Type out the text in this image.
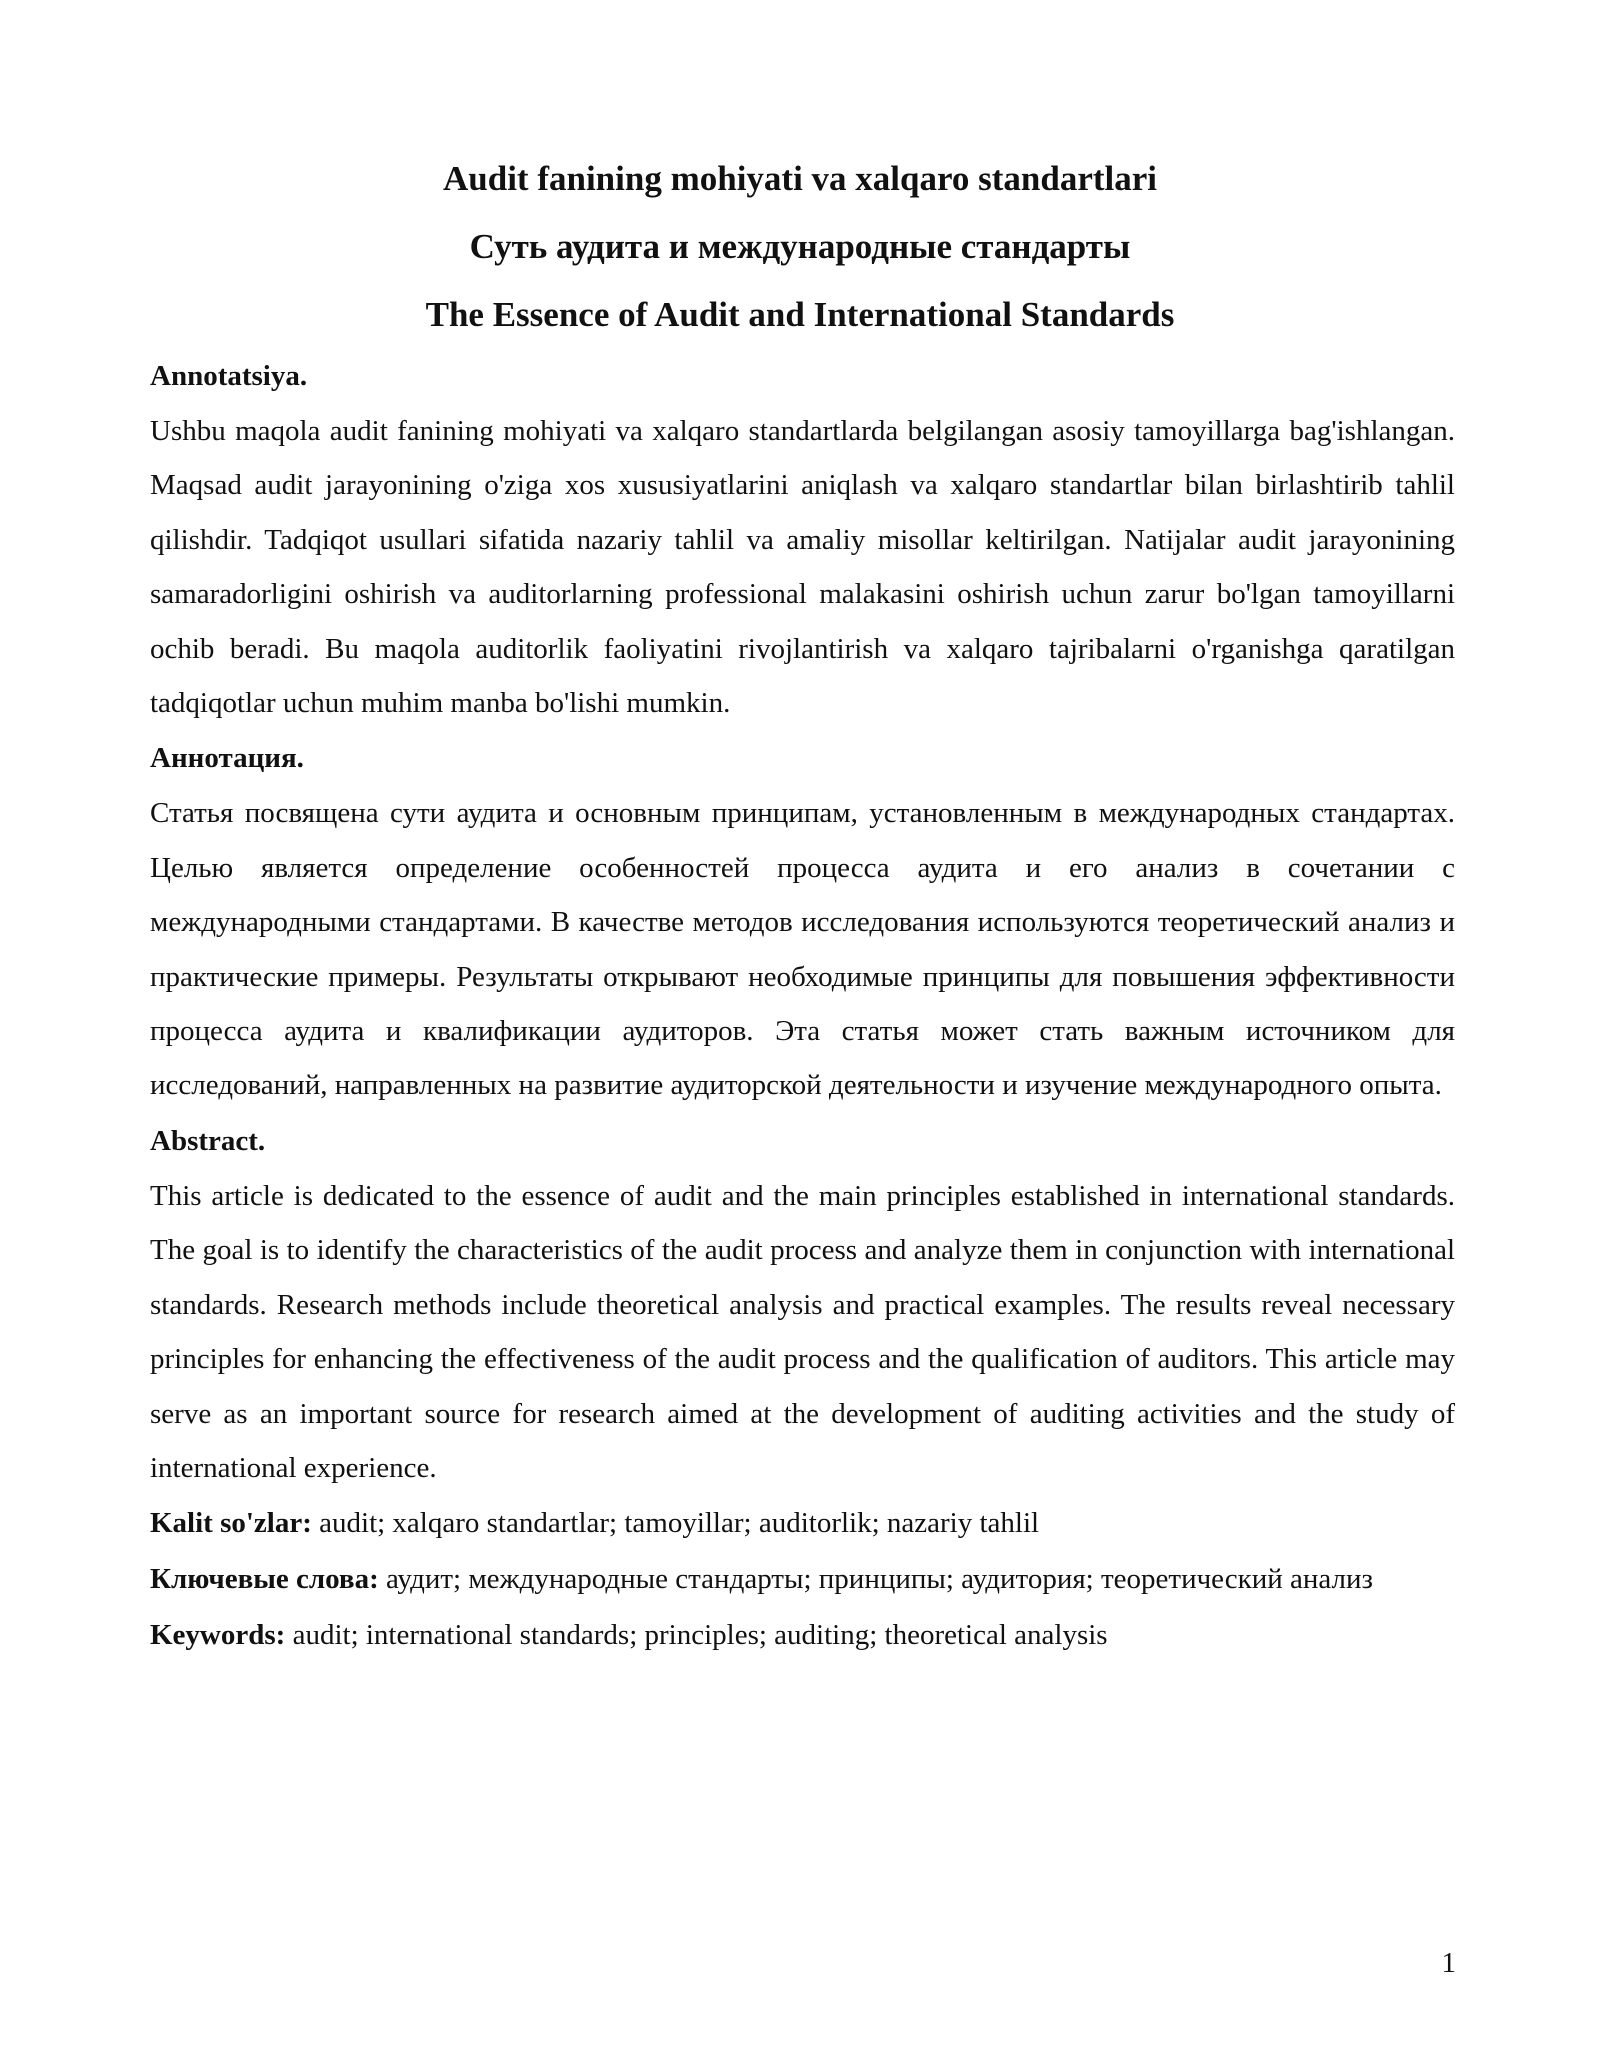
Audit fanining mohiyati va xalqaro standartlari

Суть аудита и международные стандарты

The Essence of Audit and International Standards

Annotatsiya.

Ushbu maqola audit fanining mohiyati va xalqaro standartlarda belgilangan asosiy tamoyillarga bag'ishlangan. Maqsad audit jarayonining o'ziga xos xususiyatlarini aniqlash va xalqaro standartlar bilan birlashtirib tahlil qilishdir. Tadqiqot usullari sifatida nazariy tahlil va amaliy misollar keltirilgan. Natijalar audit jarayonining samaradorligini oshirish va auditorlarning professional malakasini oshirish uchun zarur bo'lgan tamoyillarni ochib beradi. Bu maqola auditorlik faoliyatini rivojlantirish va xalqaro tajribalarni o'rganishga qaratilgan tadqiqotlar uchun muhim manba bo'lishi mumkin.

Аннотация.

Статья посвящена сути аудита и основным принципам, установленным в международных стандартах. Целью является определение особенностей процесса аудита и его анализ в сочетании с международными стандартами. В качестве методов исследования используются теоретический анализ и практические примеры. Результаты открывают необходимые принципы для повышения эффективности процесса аудита и квалификации аудиторов. Эта статья может стать важным источником для исследований, направленных на развитие аудиторской деятельности и изучение международного опыта.

Abstract.

This article is dedicated to the essence of audit and the main principles established in international standards. The goal is to identify the characteristics of the audit process and analyze them in conjunction with international standards. Research methods include theoretical analysis and practical examples. The results reveal necessary principles for enhancing the effectiveness of the audit process and the qualification of auditors. This article may serve as an important source for research aimed at the development of auditing activities and the study of international experience.

Kalit so'zlar: audit; xalqaro standartlar; tamoyillar; auditorlik; nazariy tahlil

Ключевые слова: аудит; международные стандарты; принципы; аудитория; теоретический анализ

Keywords: audit; international standards; principles; auditing; theoretical analysis

1
